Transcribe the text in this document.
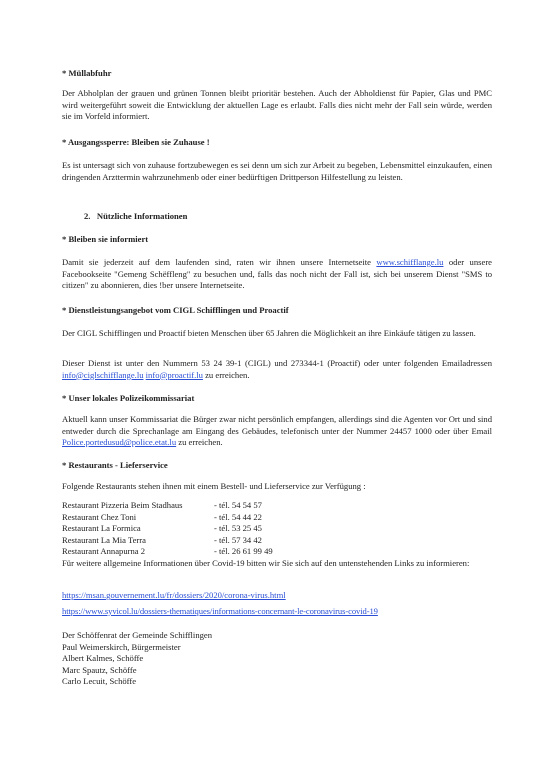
* Müllabfuhr
Der Abholplan der grauen und grünen Tonnen bleibt prioritär bestehen. Auch der Abholdienst für Papier, Glas und PMC wird weitergeführt soweit die Entwicklung der aktuellen Lage es erlaubt. Falls dies nicht mehr der Fall sein würde, werden sie im Vorfeld informiert.
* Ausgangssperre: Bleiben sie Zuhause !
Es ist untersagt sich von zuhause fortzubewegen es sei denn um sich zur Arbeit zu begeben, Lebensmittel einzukaufen, einen dringenden Arzttermin wahrzunehmenb oder einer bedürftigen Drittperson Hilfestellung zu leisten.
2. Nützliche Informationen
* Bleiben sie informiert
Damit sie jederzeit auf dem laufenden sind, raten wir ihnen unsere Internetseite www.schifflange.lu oder unsere Facebookseite "Gemeng Schëffleng" zu besuchen und, falls das noch nicht der Fall ist, sich bei unserem Dienst "SMS to citizen" zu abonnieren, dies !ber unsere Internetseite.
* Dienstleistungsangebot vom CIGL Schifflingen und Proactif
Der CIGL Schifflingen und Proactif bieten Menschen über 65 Jahren die Möglichkeit an ihre Einkäufe tätigen zu lassen.
Dieser Dienst ist unter den Nummern 53 24 39-1 (CIGL) und 273344-1 (Proactif) oder unter folgenden Emailadressen info@ciglschifflange.lu info@proactif.lu zu erreichen.
* Unser lokales Polizeikommissariat
Aktuell kann unser Kommissariat die Bürger zwar nicht persönlich empfangen, allerdings sind die Agenten vor Ort und sind entweder durch die Sprechanlage am Eingang des Gebäudes, telefonisch unter der Nummer 24457 1000 oder über Email Police.portedusud@police.etat.lu zu erreichen.
* Restaurants - Lieferservice
Folgende Restaurants stehen ihnen mit einem Bestell- und Lieferservice zur Verfügung :
Restaurant Pizzeria Beim Stadhaus	- tél. 54 54 57
Restaurant Chez Toni	- tél. 54 44 22
Restaurant La Formica	- tél. 53 25 45
Restaurant La Mia Terra	- tél. 57 34 42
Restaurant Annapurna 2	- tél. 26 61 99 49
Für weitere allgemeine Informationen über Covid-19 bitten wir Sie sich auf den untenstehenden Links zu informieren:
https://msan.gouvernement.lu/fr/dossiers/2020/corona-virus.html
https://www.syvicol.lu/dossiers-thematiques/informations-concernant-le-coronavirus-covid-19
Der Schöffenrat der Gemeinde Schifflingen
Paul Weimerskirch, Bürgermeister
Albert Kalmes, Schöffe
Marc Spautz, Schöffe
Carlo Lecuit, Schöffe
